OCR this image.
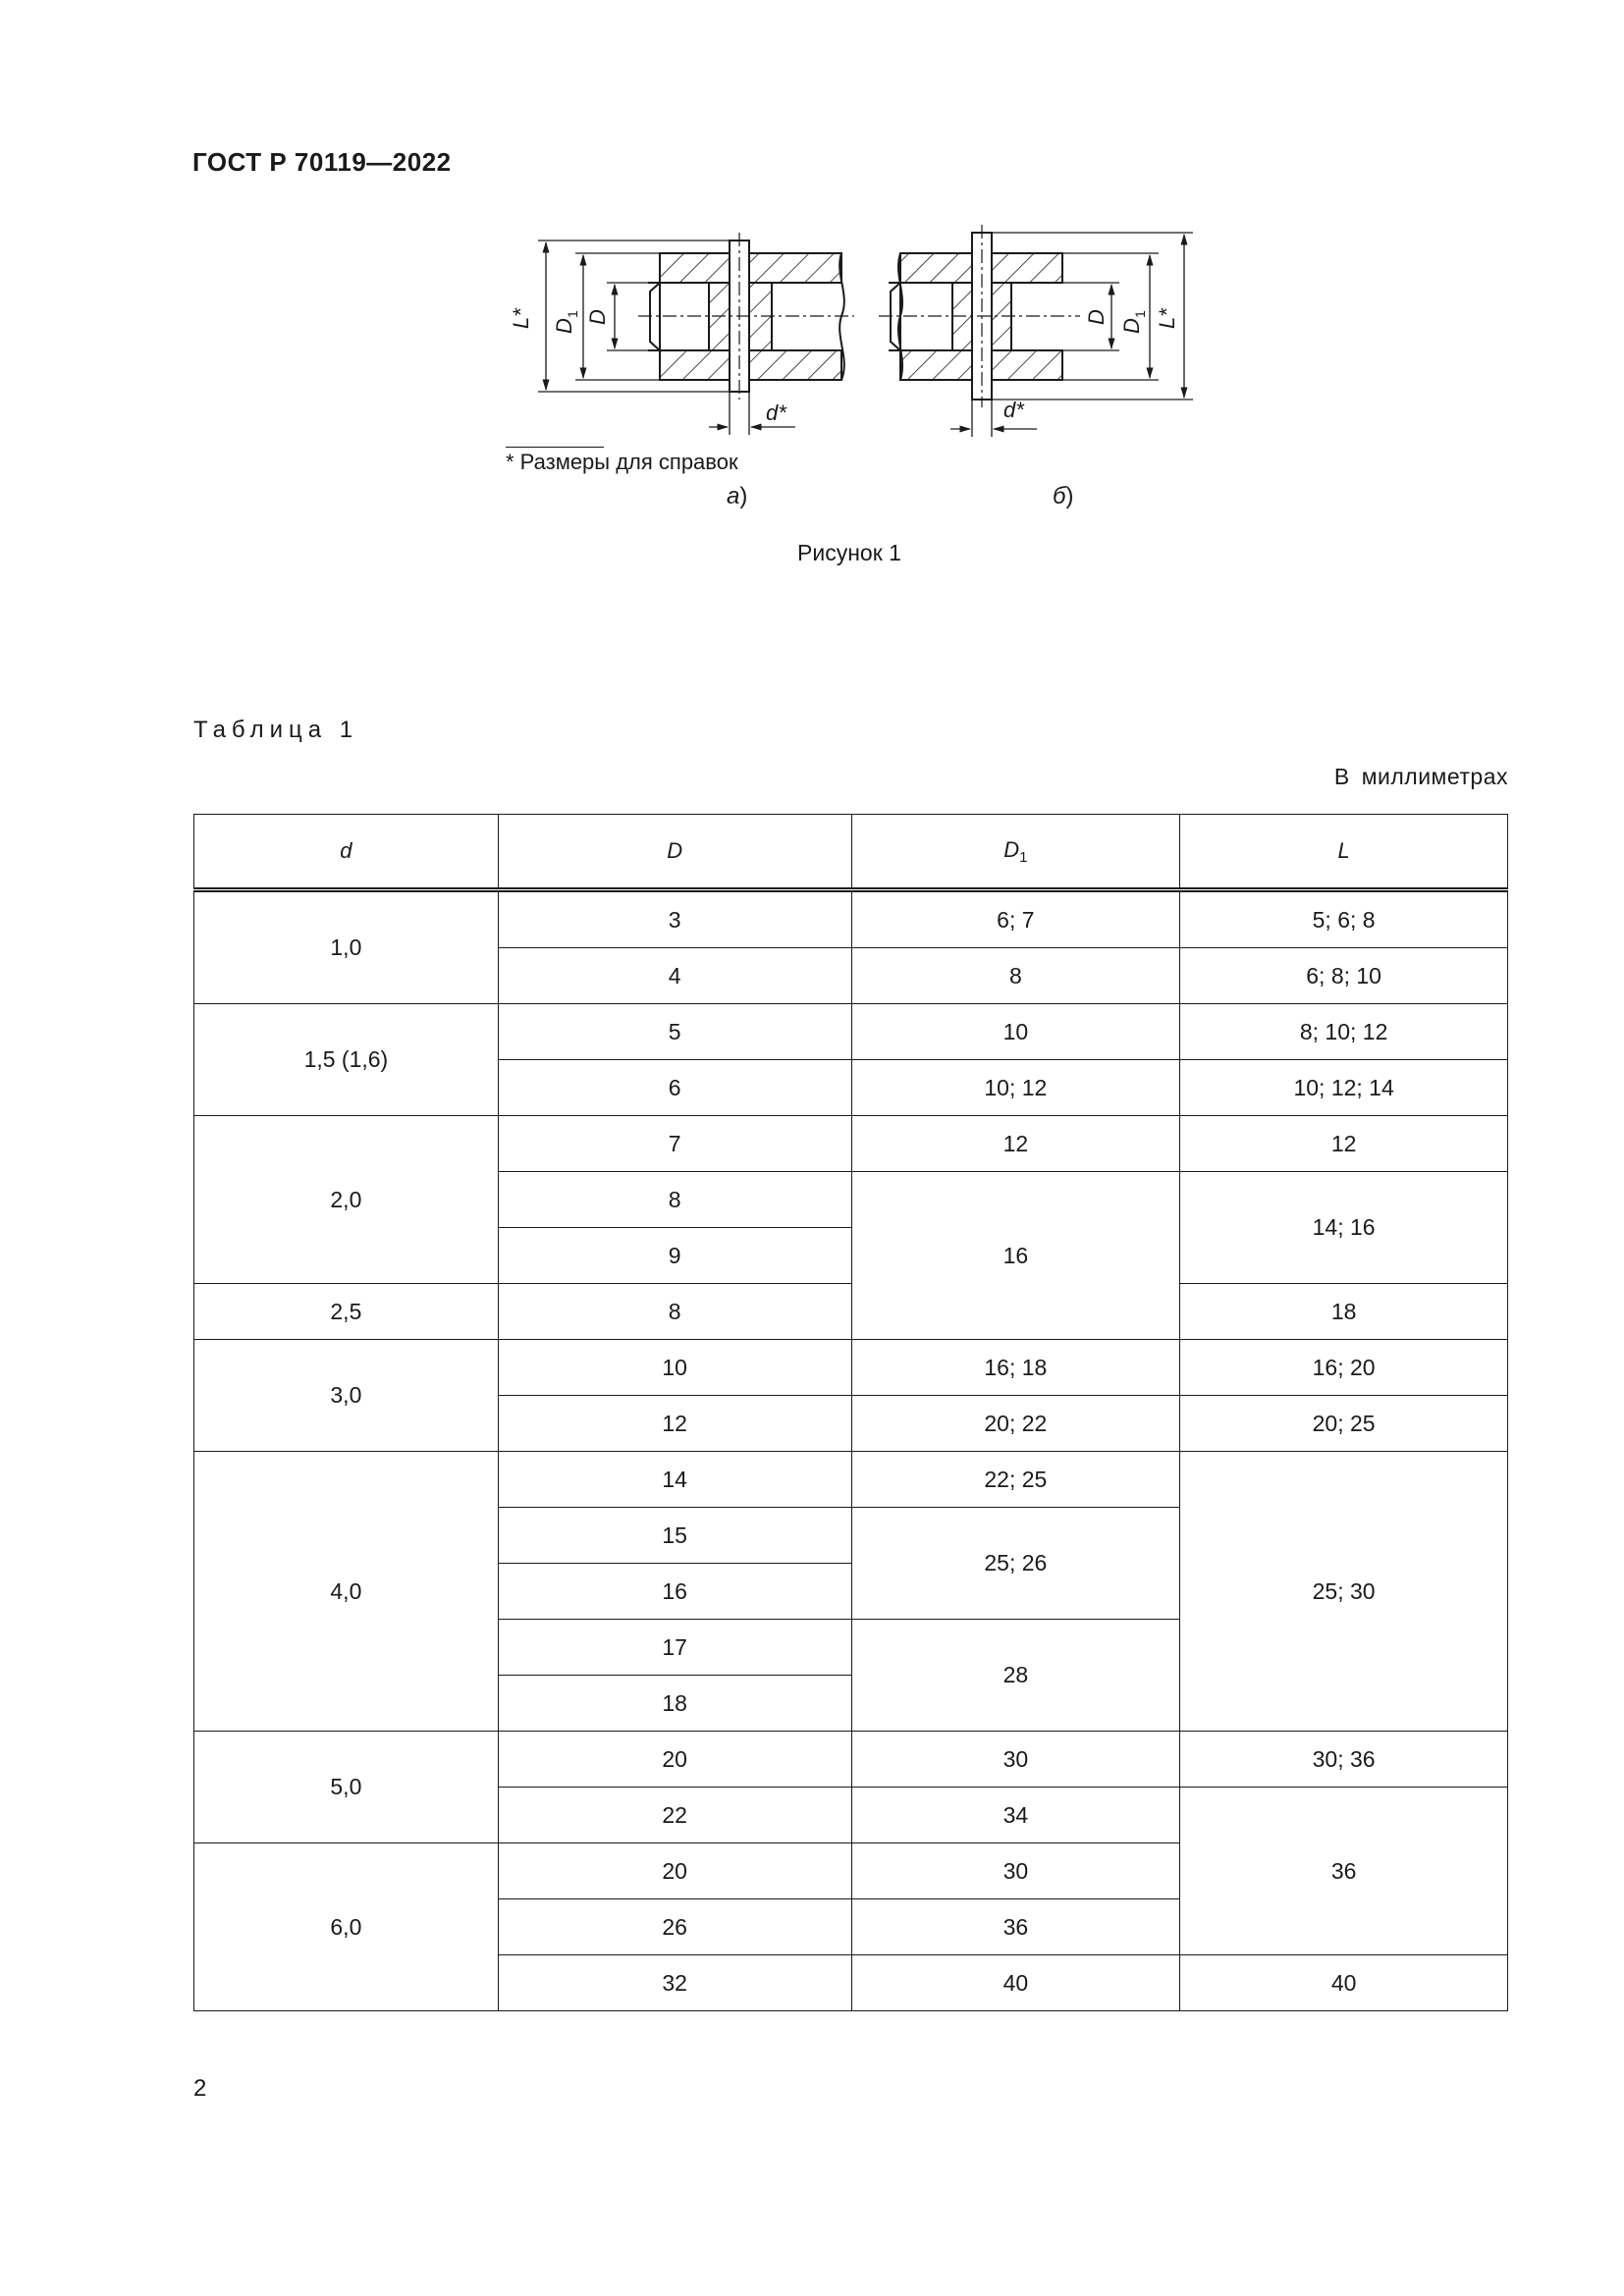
ГОСТ Р 70119—2022
L* D
1 D
d*
D
D
1 L*
d*
* Размеры для справок
а)	б)
Рисунок 1
Таблица 1
В миллиметрах
d	D	$D_1$	L
1,0	3	6; 7	5; 6; 8
	4	8	6; 8; 10
1,5 (1,6)	5	10	8; 10; 12
	6	10; 12	10; 12; 14
2,0	7	12	12
	8	16	14; 16
	9		
2,5	8		18
3,0	10	16; 18	16; 20
	12	20; 22	20; 25
4,0	14	22; 25	25; 30
	15	25; 26	
	16		
	17	28	
	18		
5,0	20	30	30; 36
	22	34	36
6,0	20	30	
	26	36	
	32	40	40
2
